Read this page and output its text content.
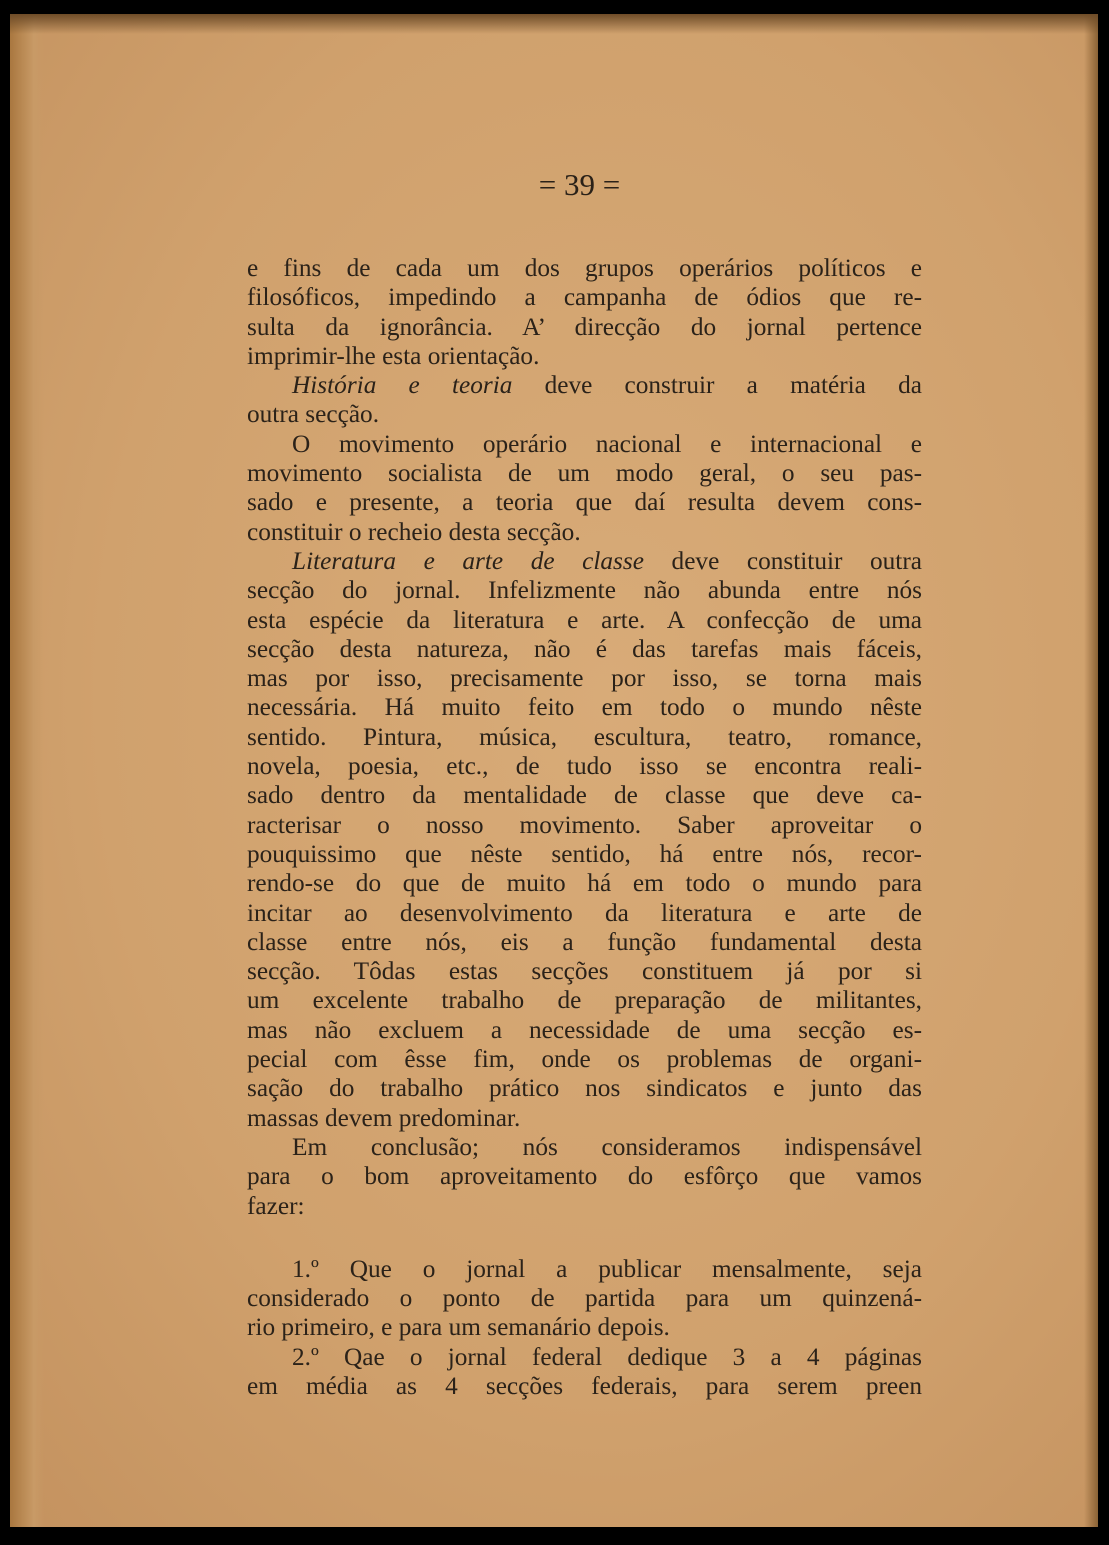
= 39 =
e fins de cada um dos grupos operários políticos e
filosóficos, impedindo a campanha de ódios que re-
sulta da ignorância. A’ direcção do jornal pertence
imprimir-lhe esta orientação.
História e teoria deve construir a matéria da
outra secção.
O movimento operário nacional e internacional e
movimento socialista de um modo geral, o seu pas-
sado e presente, a teoria que daí resulta devem cons-
constituir o recheio desta secção.
Literatura e arte de classe deve constituir outra
secção do jornal. Infelizmente não abunda entre nós
esta espécie da literatura e arte. A confecção de uma
secção desta natureza, não é das tarefas mais fáceis,
mas por isso, precisamente por isso, se torna mais
necessária. Há muito feito em todo o mundo nêste
sentido. Pintura, música, escultura, teatro, romance,
novela, poesia, etc., de tudo isso se encontra reali-
sado dentro da mentalidade de classe que deve ca-
racterisar o nosso movimento. Saber aproveitar o
pouquissimo que nêste sentido, há entre nós, recor-
rendo-se do que de muito há em todo o mundo para
incitar ao desenvolvimento da literatura e arte de
classe entre nós, eis a função fundamental desta
secção. Tôdas estas secções constituem já por si
um excelente trabalho de preparação de militantes,
mas não excluem a necessidade de uma secção es-
pecial com êsse fim, onde os problemas de organi-
sação do trabalho prático nos sindicatos e junto das
massas devem predominar.
Em conclusão; nós consideramos indispensável
para o bom aproveitamento do esfôrço que vamos
fazer:
1.º Que o jornal a publicar mensalmente, seja
considerado o ponto de partida para um quinzená-
rio primeiro, e para um semanário depois.
2.º Qae o jornal federal dedique 3 a 4 páginas
em média as 4 secções federais, para serem preen
